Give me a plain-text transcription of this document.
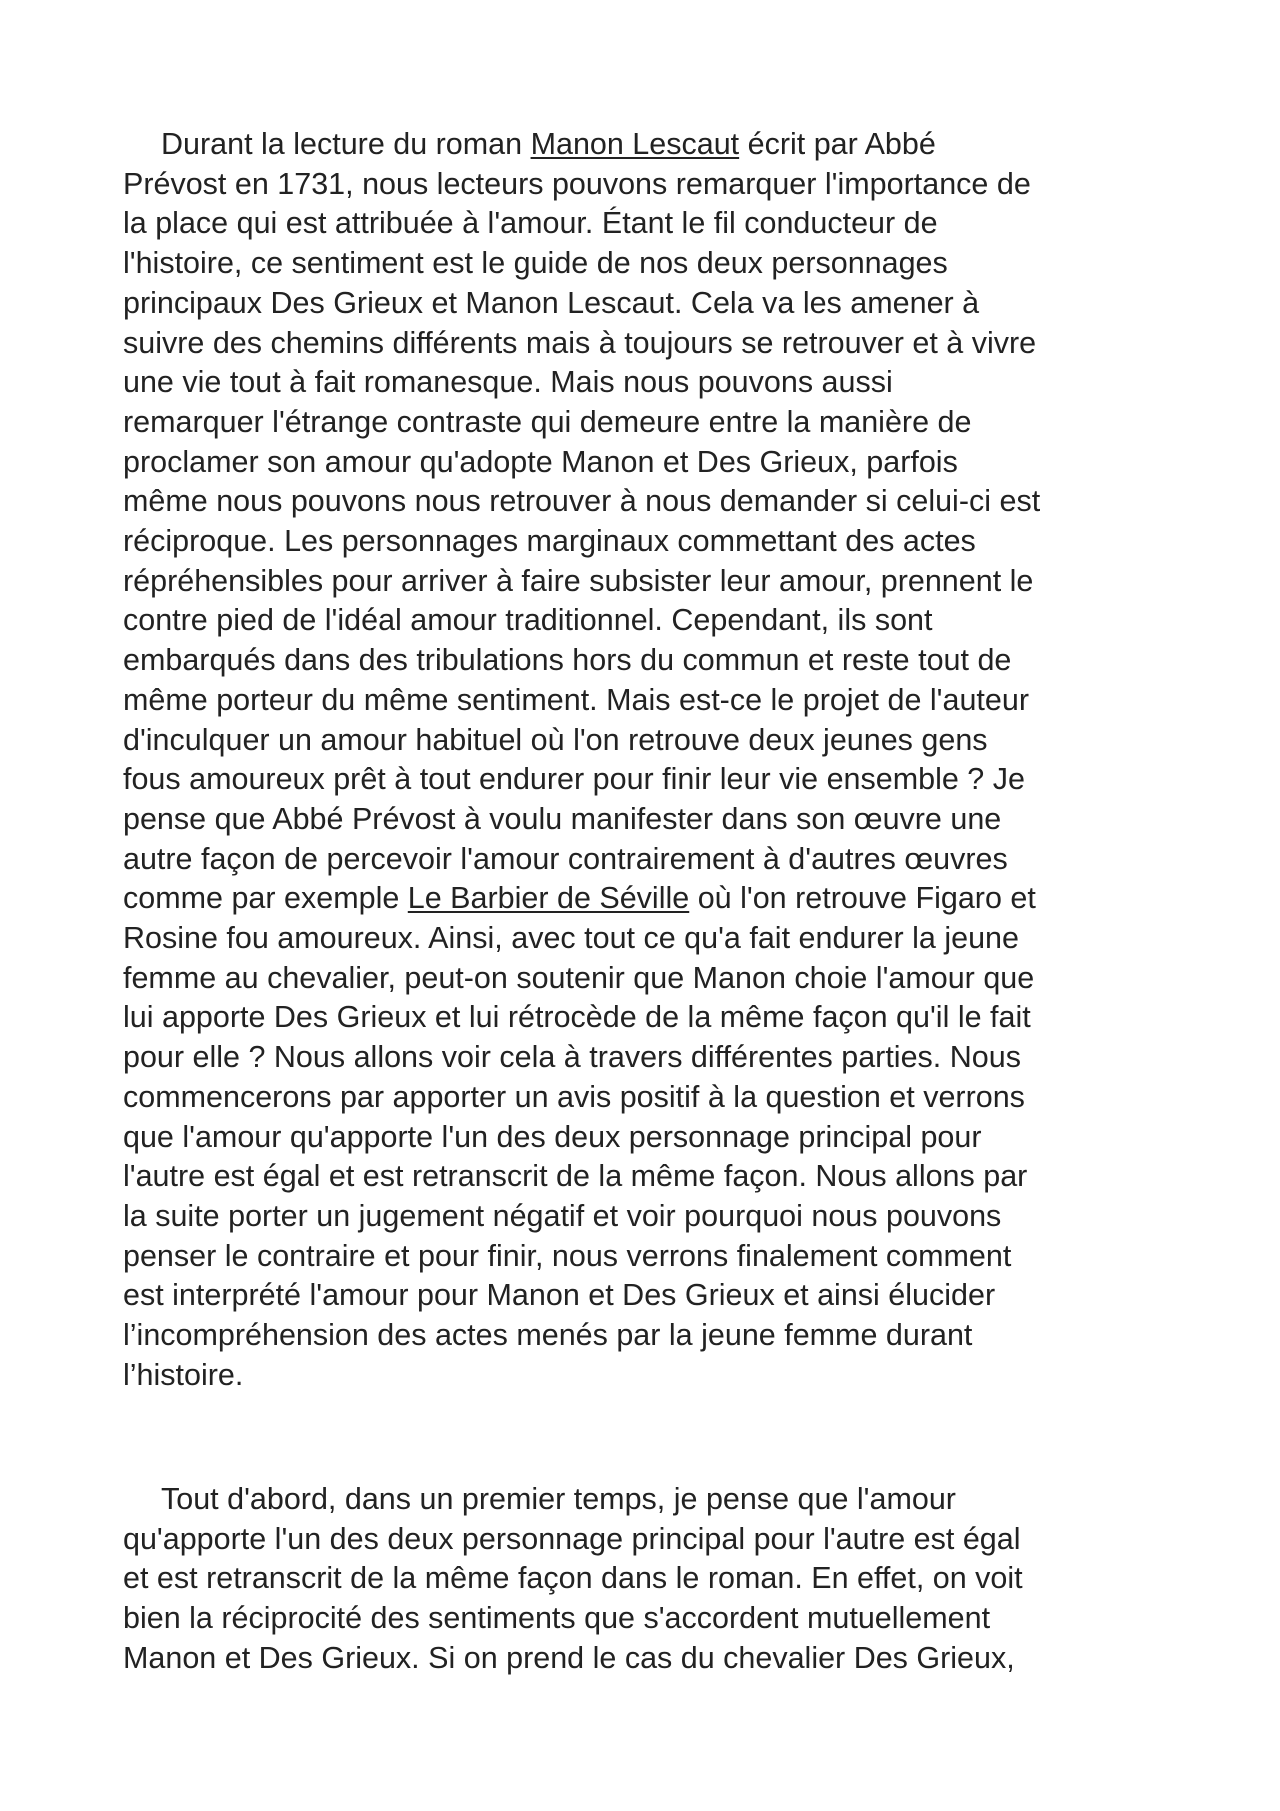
Durant la lecture du roman Manon Lescaut écrit par Abbé
Prévost en 1731, nous lecteurs pouvons remarquer l'importance de
la place qui est attribuée à l'amour. Étant le fil conducteur de
l'histoire, ce sentiment est le guide de nos deux personnages
principaux Des Grieux et Manon Lescaut. Cela va les amener à
suivre des chemins différents mais à toujours se retrouver et à vivre
une vie tout à fait romanesque. Mais nous pouvons aussi
remarquer l'étrange contraste qui demeure entre la manière de
proclamer son amour qu'adopte Manon et Des Grieux, parfois
même nous pouvons nous retrouver à nous demander si celui-ci est
réciproque. Les personnages marginaux commettant des actes
répréhensibles pour arriver à faire subsister leur amour, prennent le
contre pied de l'idéal amour traditionnel. Cependant, ils sont
embarqués dans des tribulations hors du commun et reste tout de
même porteur du même sentiment. Mais est-ce le projet de l'auteur
d'inculquer un amour habituel où l'on retrouve deux jeunes gens
fous amoureux prêt à tout endurer pour finir leur vie ensemble ? Je
pense que Abbé Prévost à voulu manifester dans son œuvre une
autre façon de percevoir l'amour contrairement à d'autres œuvres
comme par exemple Le Barbier de Séville où l'on retrouve Figaro et
Rosine fou amoureux. Ainsi, avec tout ce qu'a fait endurer la jeune
femme au chevalier, peut-on soutenir que Manon choie l'amour que
lui apporte Des Grieux et lui rétrocède de la même façon qu'il le fait
pour elle ? Nous allons voir cela à travers différentes parties. Nous
commencerons par apporter un avis positif à la question et verrons
que l'amour qu'apporte l'un des deux personnage principal pour
l'autre est égal et est retranscrit de la même façon. Nous allons par
la suite porter un jugement négatif et voir pourquoi nous pouvons
penser le contraire et pour finir, nous verrons finalement comment
est interprété l'amour pour Manon et Des Grieux et ainsi élucider
l’incompréhension des actes menés par la jeune femme durant
l’histoire.
Tout d'abord, dans un premier temps, je pense que l'amour
qu'apporte l'un des deux personnage principal pour l'autre est égal
et est retranscrit de la même façon dans le roman. En effet, on voit
bien la réciprocité des sentiments que s'accordent mutuellement
Manon et Des Grieux. Si on prend le cas du chevalier Des Grieux,
